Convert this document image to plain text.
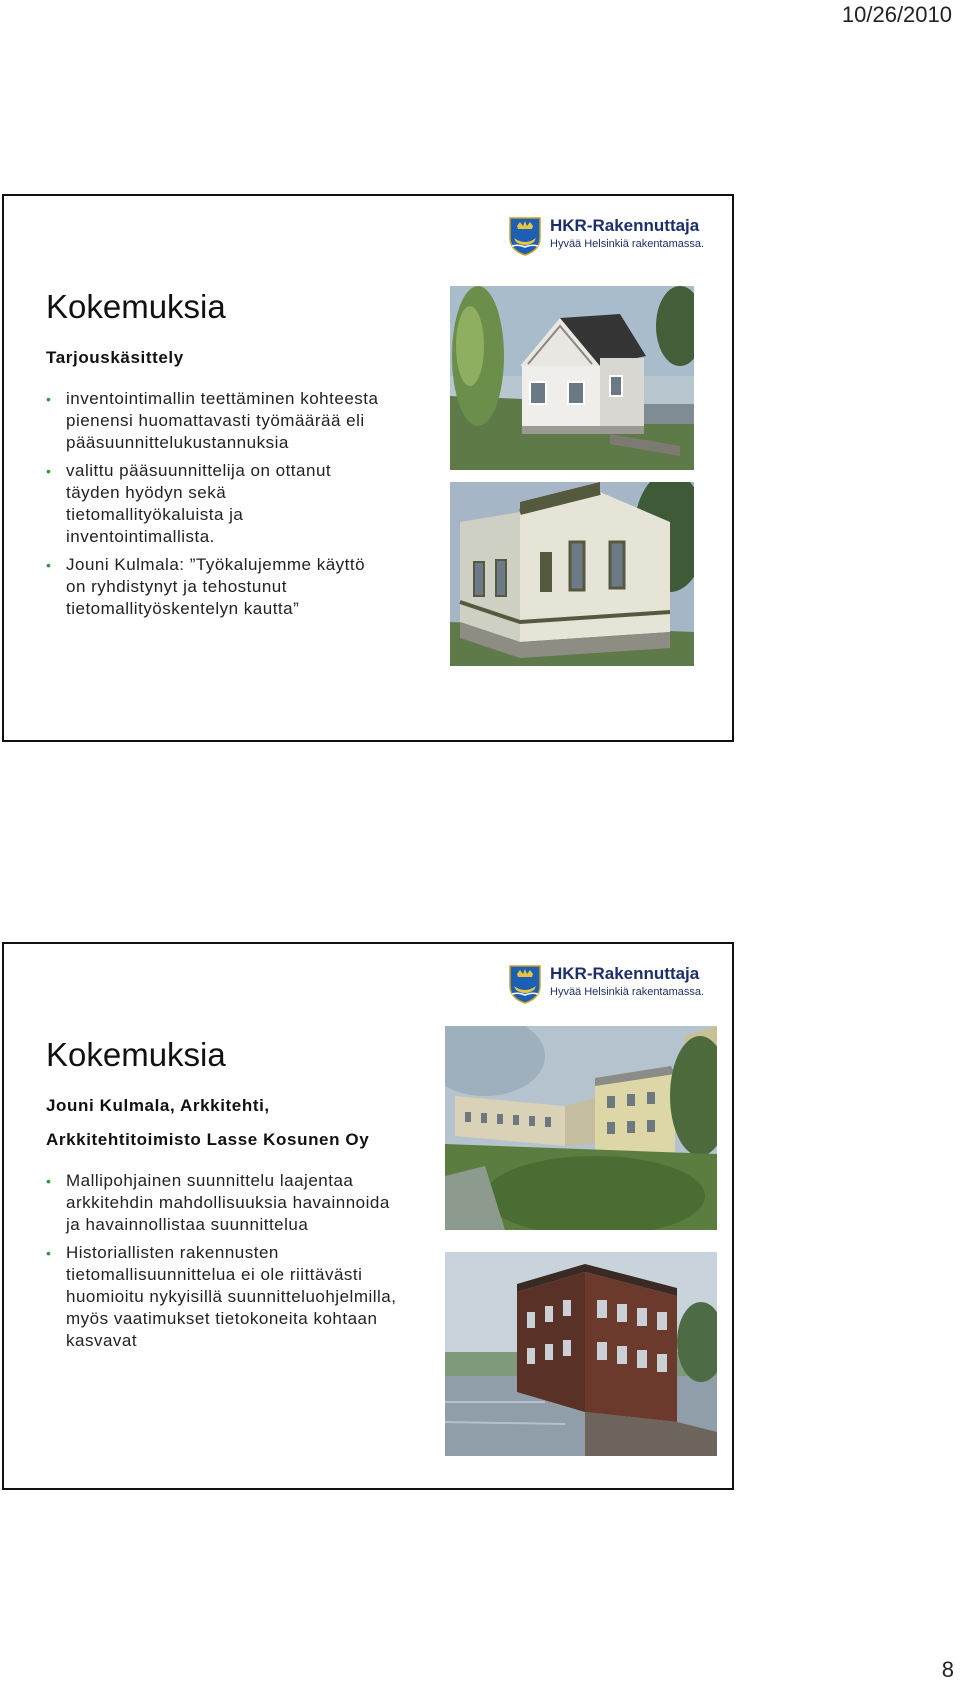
10/26/2010
HKR-Rakennuttaja
Hyvää Helsinkiä rakentamassa.
Kokemuksia
Tarjouskäsittely
• inventointimallin teettäminen kohteesta pienensi huomattavasti työmäärää eli pääsuunnittelukustannuksia
• valittu pääsuunnittelija on ottanut täyden hyödyn sekä tietomallityökaluista ja inventointimallista.
• Jouni Kulmala: ”Työkalujemme käyttö on ryhdistynyt ja tehostunut tietomallityöskentelyn kautta”
HKR-Rakennuttaja
Hyvää Helsinkiä rakentamassa.
Kokemuksia
Jouni Kulmala, Arkkitehti,
Arkkitehtitoimisto Lasse Kosunen Oy
• Mallipohjainen suunnittelu laajentaa arkkitehdin mahdollisuuksia havainnoida ja havainnollistaa suunnittelua
• Historiallisten rakennusten tietomallisuunnittelua ei ole riittävästi huomioitu nykyisillä suunnitteluohjelmilla, myös vaatimukset tietokoneita kohtaan kasvavat
8
